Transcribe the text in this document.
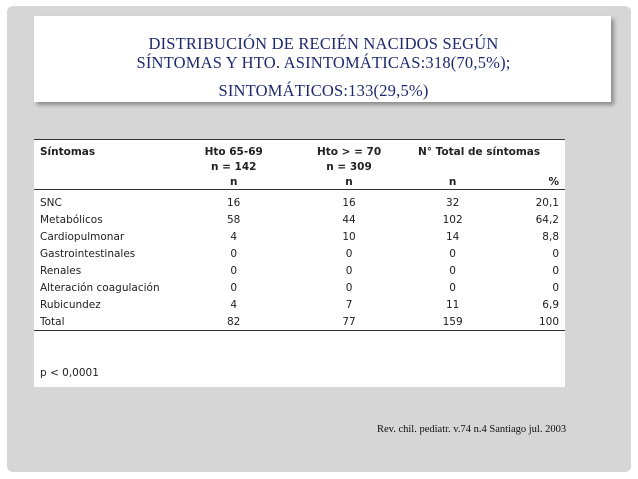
DISTRIBUCIÓN DE RECIÉN NACIDOS SEGÚN
SÍNTOMAS Y HTO. ASINTOMÁTICAS:318(70,5%);
SINTOMÁTICOS:133(29,5%)
Síntomas	Hto 65-69	Hto > = 70	N° Total de síntomas	
	n = 142	n = 309		
	n	n	n	%
SNC	16	16	32	20,1
Metabólicos	58	44	102	64,2
Cardiopulmonar	4	10	14	8,8
Gastrointestinales	0	0	0	0
Renales	0	0	0	0
Alteración coagulación	0	0	0	0
Rubicundez	4	7	11	6,9
Total	82	77	159	100
p < 0,0001
Rev. chil. pediatr. v.74 n.4 Santiago jul. 2003
